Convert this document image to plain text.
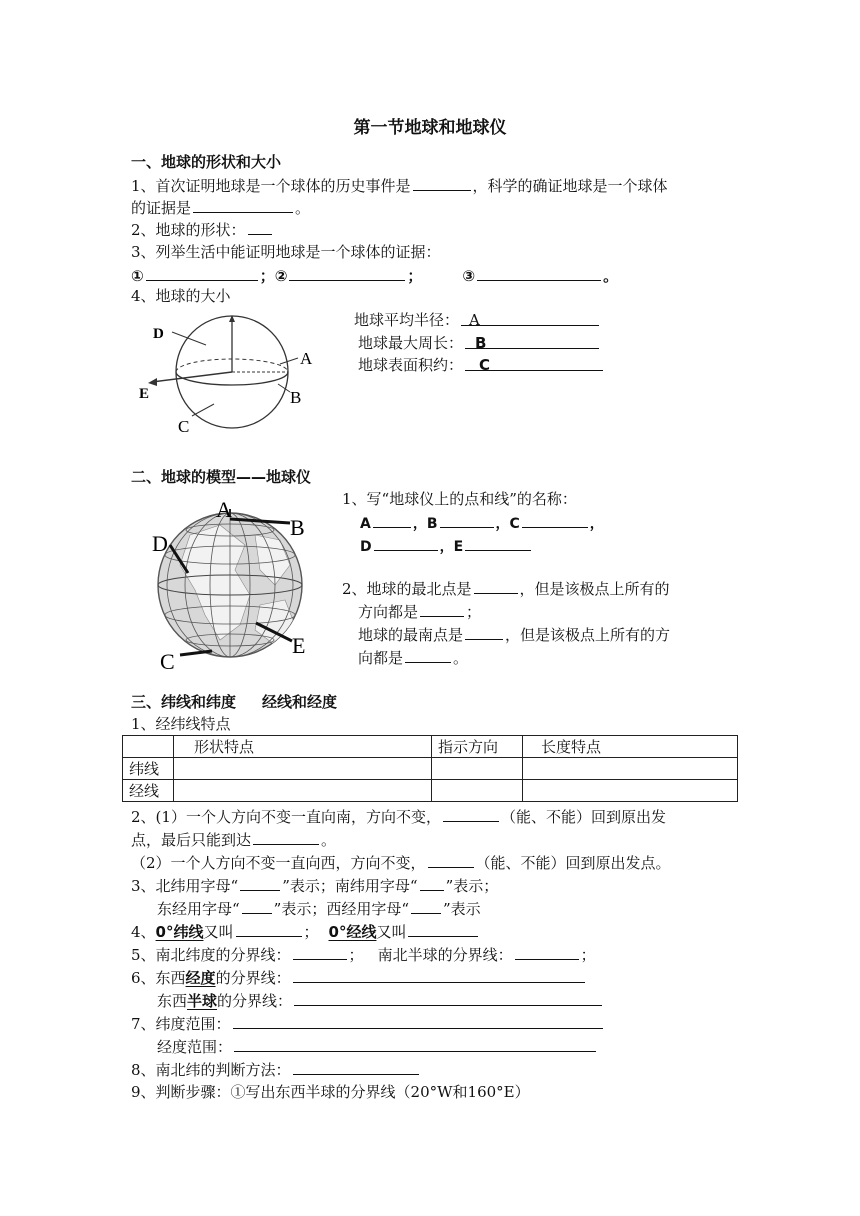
第一节地球和地球仪
一、地球的形状和大小
1、首次证明地球是一个球体的历史事件是	，科学的确证地球是一个球体
的证据是	。
2、地球的形状：
3、列举生活中能证明地球是一个球体的证据：
①	；②	；	③	。
4、地球的大小
D
E
A
B
C
地球平均半径： A
地球最大周长： B
地球表面积约： C
二、地球的模型——地球仪
A
B
D
E
C
1、写“地球仪上的点和线”的名称：
A	，B	，C	，
D	，E
2、地球的最北点是	，但是该极点上所有的
方向都是	；
地球的最南点是	，但是该极点上所有的方
向都是	。
三、纬线和纬度 经线和经度
1、经纬线特点
	形状特点	指示方向	长度特点
纬线			
经线			
2、(1）一个人方向不变一直向南，方向不变，	（能、不能）回到原出发
点，最后只能到达	。
（2）一个人方向不变一直向西，方向不变，	（能、不能）回到原出发点。
3、北纬用字母“	”表示；南纬用字母“ ”表示；
东经用字母“ ”表示；西经用字母“ ”表示
4、0°纬线又叫	； 0°经线又叫
5、南北纬度的分界线：	； 南北半球的分界线：	；
6、东西经度的分界线：
东西半球的分界线：
7、纬度范围：
经度范围：
8、南北纬的判断方法：
9、判断步骤：①写出东西半球的分界线（20°W和160°E）
